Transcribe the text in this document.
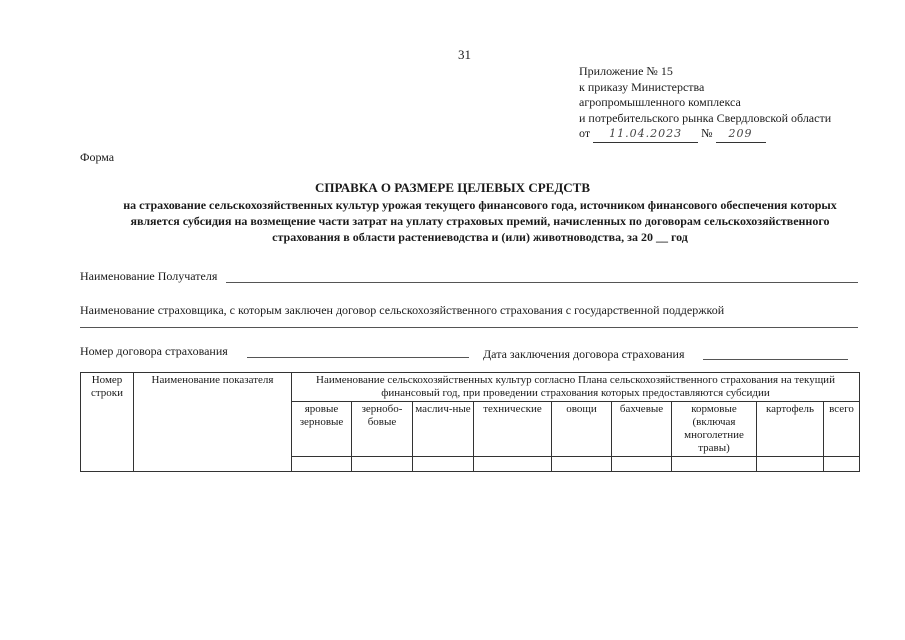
31
Приложение № 15
к приказу Министерства
агропромышленного комплекса
и потребительского рынка Свердловской области
от 11.04.2023 № 209
Форма
СПРАВКА О РАЗМЕРЕ ЦЕЛЕВЫХ СРЕДСТВ
на страхование сельскохозяйственных культур урожая текущего финансового года, источником финансового обеспечения которых является субсидия на возмещение части затрат на уплату страховых премий, начисленных по договорам сельскохозяйственного страхования в области растениеводства и (или) животноводства, за 20 __ год
Наименование Получателя
Наименование страховщика, с которым заключен договор сельскохозяйственного страхования с государственной поддержкой
Номер договора страхования	Дата заключения договора страхования
Номер строки	Наименование показателя	Наименование сельскохозяйственных культур согласно Плана сельскохозяйственного страхования на текущий финансовый год, при проведении страхования которых предоставляются субсидии								
		яровые зерновые	зернобо-бовые	маслич-ные	технические	овощи	бахчевые	кормовые (включая многолетние травы)	картофель	всего
